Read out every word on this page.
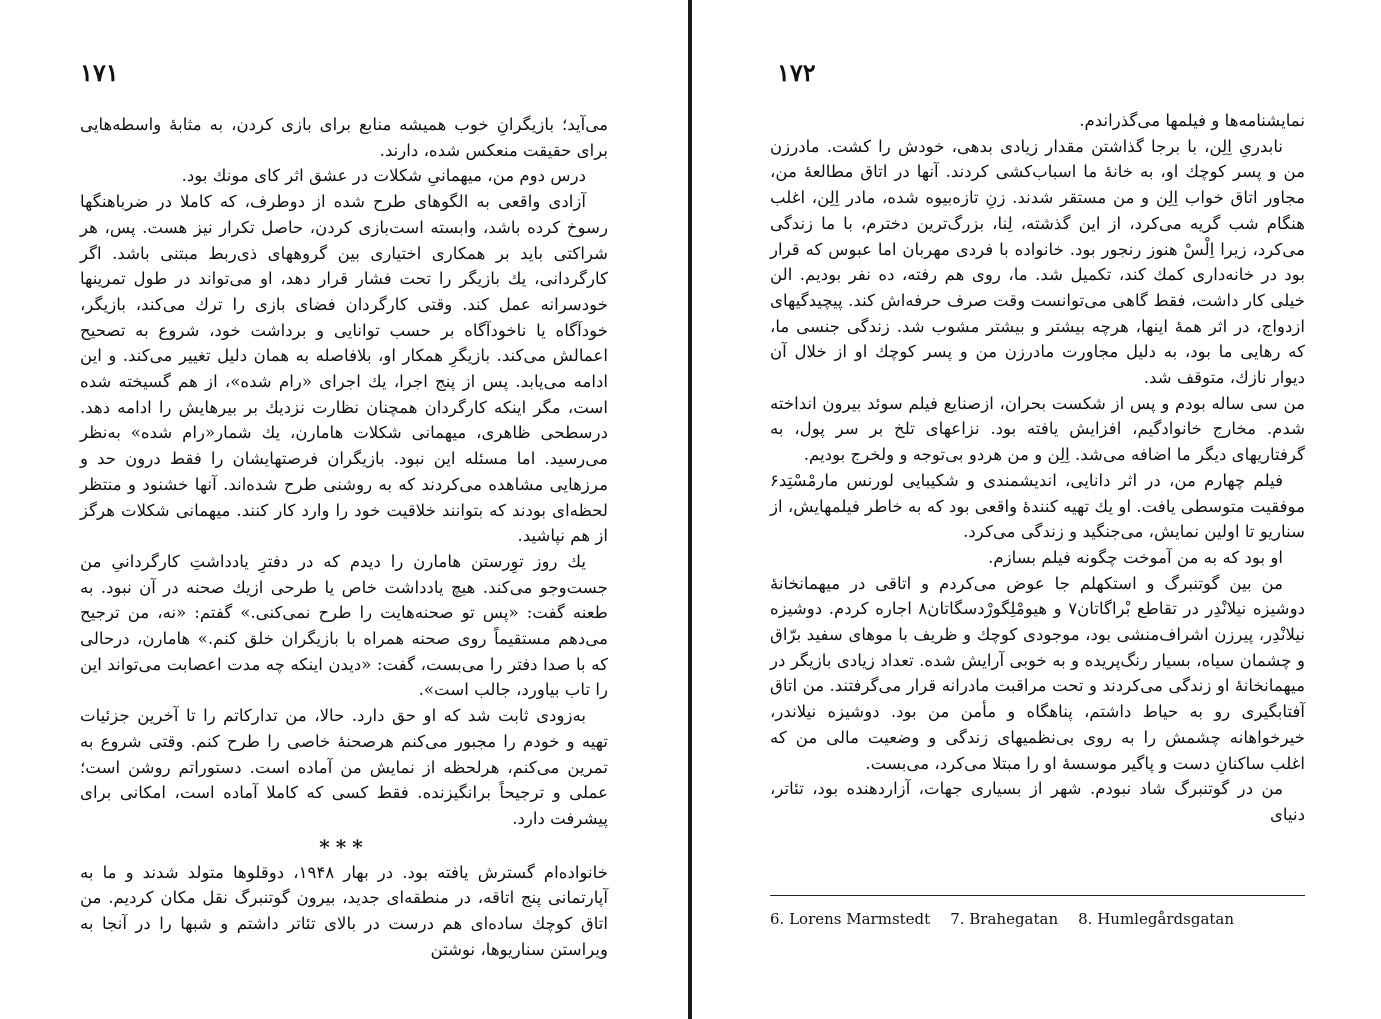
۱۷۱

می‌آید؛ بازیگرانِ خوب همیشه منابع برای بازی کردن، به مثابهٔ واسطه‌هایی برای حقیقت منعکس شده، دارند.

درس دوم من، میهمانیِ شکلات در عشق اثر کای مونك بود.

آزادی واقعی به الگوهای طرح شده از دوطرف، که کاملا در ضرباهنگها رسوخ کرده باشد، وابسته است‌بازی کردن، حاصل تکرار نیز هست. پس، هر شراکتی باید بر همکاری اختیاری بین گروههای ذی‌ربط مبتنی باشد. اگر کارگردانی، یك بازیگر را تحت فشار قرار دهد، او می‌تواند در طول تمرینها خودسرانه عمل کند. وقتی کارگردان فضای بازی را ترك می‌کند، بازیگر، خودآگاه یا ناخودآگاه بر حسب توانایی و برداشت خود، شروع به تصحیح اعمالش می‌کند. بازیگرِ همکار او، بلافاصله به همان دلیل تغییر می‌کند. و این ادامه می‌یابد. پس از پنج اجرا، یك اجرای «رام شده»، از هم گسیخته شده است، مگر اینکه کارگردان همچنان نظارت نزدیك بر بیرهایش را ادامه دهد. درسطحی ظاهری، میهمانی شکلات هامارن، یك شمار«رام شده» به‌نظر می‌رسید. اما مسئله این نبود. بازیگران فرصتهایشان را فقط درون حد و مرزهایی مشاهده می‌کردند که به روشنی طرح شده‌اند. آنها خشنود و منتظر لحظه‌ای بودند که بتوانند خلاقیت خود را وارد کار کنند. میهمانی شکلات هرگز از هم نپاشید.

یك روز توِرستن هامارن را دیدم که در دفترِ یادداشتِ کارگردانیِ من جست‌وجو می‌کند. هیچ یادداشت خاص یا طرحی ازیك صحنه در آن نبود. به طعنه گفت: «پس تو صحنه‌هایت را طرح نمی‌کنی.» گفتم: «نه، من ترجیح می‌دهم مستقیماً روی صحنه همراه با بازیگران خلق کنم.» هامارن، درحالی که با صدا دفتر را می‌بست، گفت: «دیدن اینکه چه مدت اعصابت می‌تواند این را تاب بیاورد، جالب است».

به‌زودی ثابت شد که او حق دارد. حالا، من تدارکاتم را تا آخرین جزئیات تهیه و خودم را مجبور می‌کنم هرصحنهٔ خاصی را طرح کنم. وقتی شروع به تمرین می‌کنم، هرلحظه از نمایش من آماده است. دستوراتم روشن است؛ عملی و ترجیحاً برانگیزنده. فقط کسی که کاملا آماده است، امکانی برای پیشرفت دارد.

***

خانواده‌ام گسترش یافته بود. در بهار ۱۹۴۸، دوقلوها متولد شدند و ما به آپارتمانی پنج اتاقه، در منطقه‌ای جدید، بیرون گوتنبرگ نقل مکان کردیم. من اتاق کوچك ساده‌ای هم درست در بالای تئاتر داشتم و شبها را در آنجا به ویراستن سناریوها، نوشتن

۱۷۲

نمایشنامه‌ها و فیلمها می‌گذراندم.

نابدریِ اِلِن، با برجا گذاشتن مقدار زیادی بدهی، خودش را کشت. مادرزن من و پسر کوچك او، به خانهٔ ما اسباب‌کشی کردند. آنها در اتاق مطالعهٔ من، مجاور اتاق خواب اِلِن و من مستقر شدند. زنِ تازه‌بیوه شده، مادر اِلِن، اغلب هنگام شب گریه می‌کرد، از این گذشته، لِنا، بزرگ‌ترین دخترم، با ما زندگی می‌کرد، زیرا اِلْسْ هنوز رنجور بود. خانواده با فردی مهربان اما عبوس که قرار بود در خانه‌داری کمك کند، تکمیل شد. ما، روی هم رفته، ده نفر بودیم. الن خیلی کار داشت، فقط گاهی می‌توانست وقت صرف حرفه‌اش کند. پیچیدگیهای ازدواج، در اثر همهٔ اینها، هرچه بیشتر و بیشتر مشوب شد. زندگی جنسی ما، که رهایی ما بود، به دلیل مجاورت مادرزن من و پسر کوچك او از خلال آن دیوار نازك، متوقف شد.

من سی ساله بودم‌ و پس از شکست بحران، ازصنایع فیلم سوئد بیرون انداخته شدم. مخارج خانوادگیم، افزایش یافته بود. نزاعهای تلخ بر سر پول، به گرفتاریهای دیگر ما اضافه می‌شد. اِلِن و من هردو بی‌توجه و ولخرج بودیم.

فیلم چهارم من، در اثر دانایی، اندیشمندی و شکیبایی لورنس مارمْسْتِد۶ موفقیت متوسطی یافت. او یك تهیه کنندهٔ واقعی بود که به خاطر فیلمهایش، از سناریو تا اولین نمایش، می‌جنگید و زندگی می‌کرد.

او بود که به من آموخت چگونه فیلم بسازم.

من بین گوتنبرگ و استکهلم جا عوض می‌کردم و اتاقی در میهمانخانهٔ دوشیزه نیلانْدِر در تقاطع بْراگاتان۷ و هیومْلِگورْدسگاتان۸ اجاره کردم. دوشیزه نیلانْدِر، پیرزن اشراف‌منشی بود، موجودی کوچك و ظریف با موهای سفید برّاق و چشمان سیاه، بسیار رنگ‌پریده و به خوبی آرایش شده. تعداد زیادی بازیگر در میهمانخانهٔ او زندگی می‌کردند و تحت مراقبت مادرانه قرار می‌گرفتند. من اتاق آفتابگیری رو به حیاط داشتم، پناهگاه و مأمن من بود. دوشیزه نیلاندر، خیرخواهانه چشمش را به روی بی‌نظمیهای زندگی و وضعیت مالی من که اغلب ساکنانِ دست‌ و پاگیر موسسهٔ او را مبتلا می‌کرد، می‌بست.

من در گوتنبرگ شاد نبودم. شهر از بسیاری جهات، آزاردهنده بود، تئاتر، دنیای

6. Lorens Marmstedt 7. Brahegatan 8. Humlegårdsgatan
